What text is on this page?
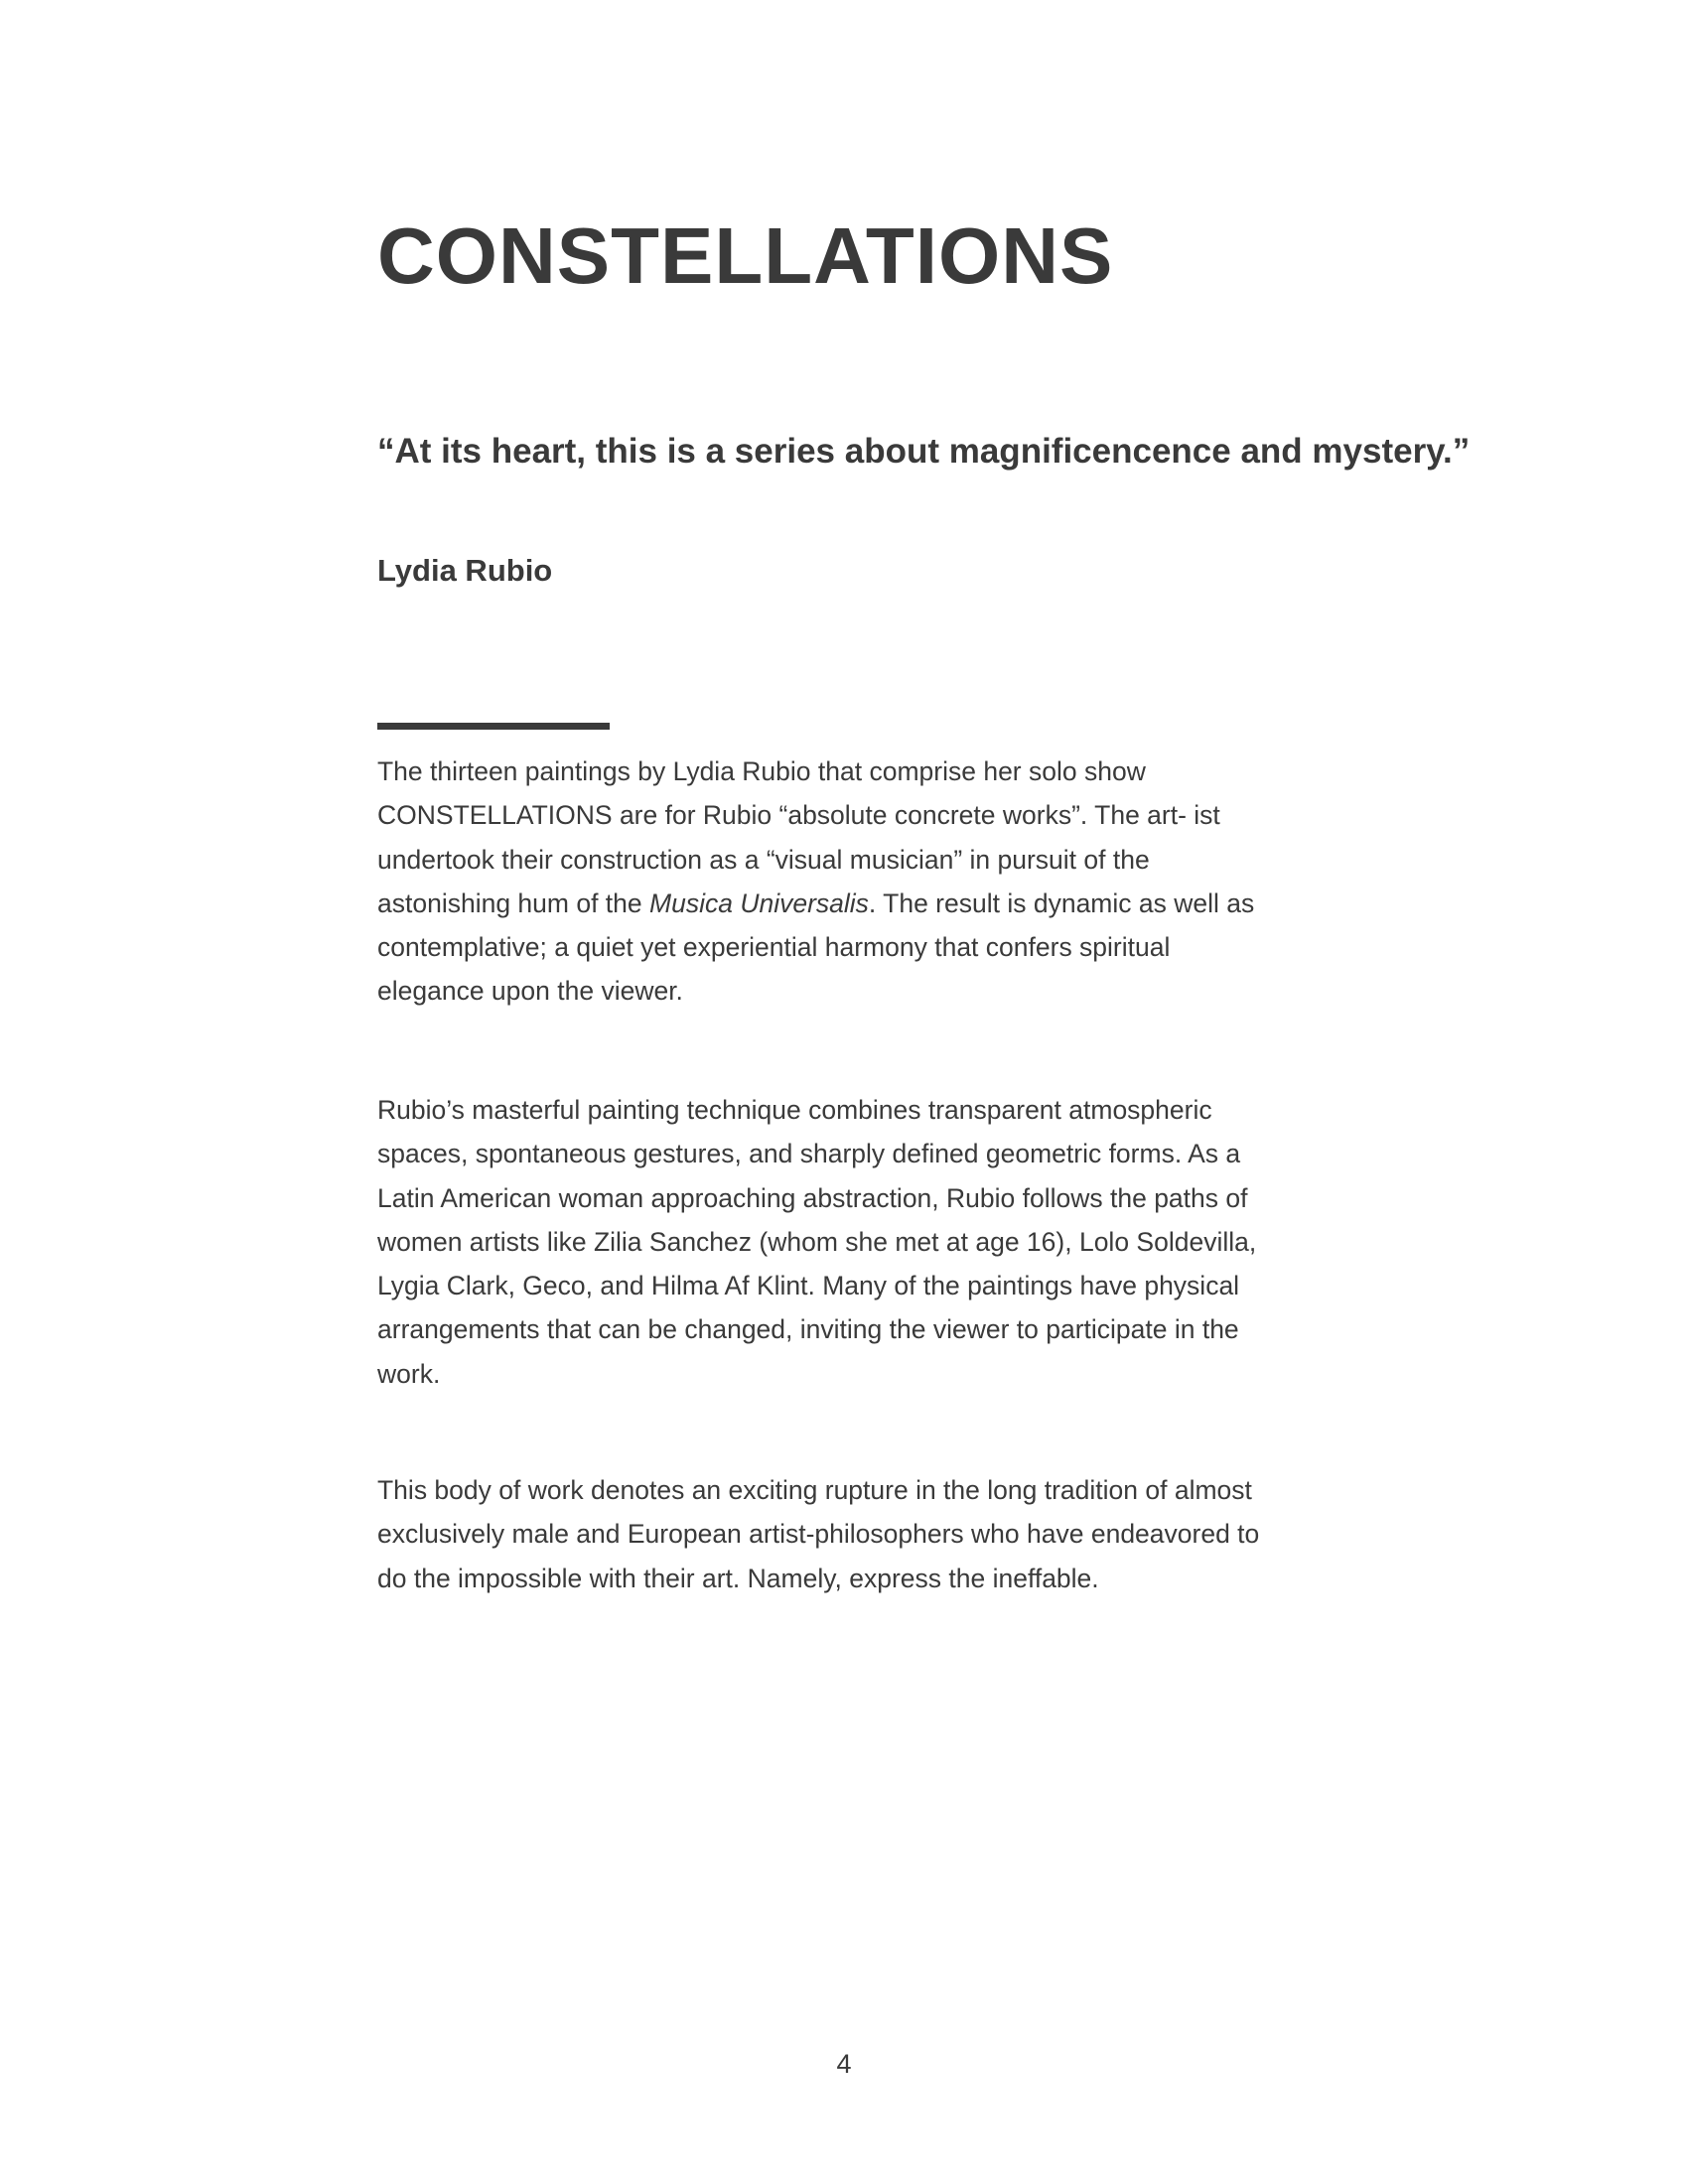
CONSTELLATIONS

“At its heart, this is a series about magnificencence and mystery.”

Lydia Rubio

The thirteen paintings by Lydia Rubio that comprise her solo show CONSTELLATIONS are for Rubio “absolute concrete works”. The art- ist undertook their construction as a “visual musician” in pursuit of the astonishing hum of the Musica Universalis. The result is dynamic as well as contemplative; a quiet yet experiential harmony that confers spiritual elegance upon the viewer.

Rubio’s masterful painting technique combines transparent atmospheric spaces, spontaneous gestures, and sharply defined geometric forms. As a Latin American woman approaching abstraction, Rubio follows the paths of women artists like Zilia Sanchez (whom she met at age 16), Lolo Soldevilla, Lygia Clark, Geco, and Hilma Af Klint. Many of the paintings have physical arrangements that can be changed, inviting the viewer to participate in the work.

This body of work denotes an exciting rupture in the long tradition of almost exclusively male and European artist-philosophers who have endeavored to do the impossible with their art. Namely, express the ineffable.

4
